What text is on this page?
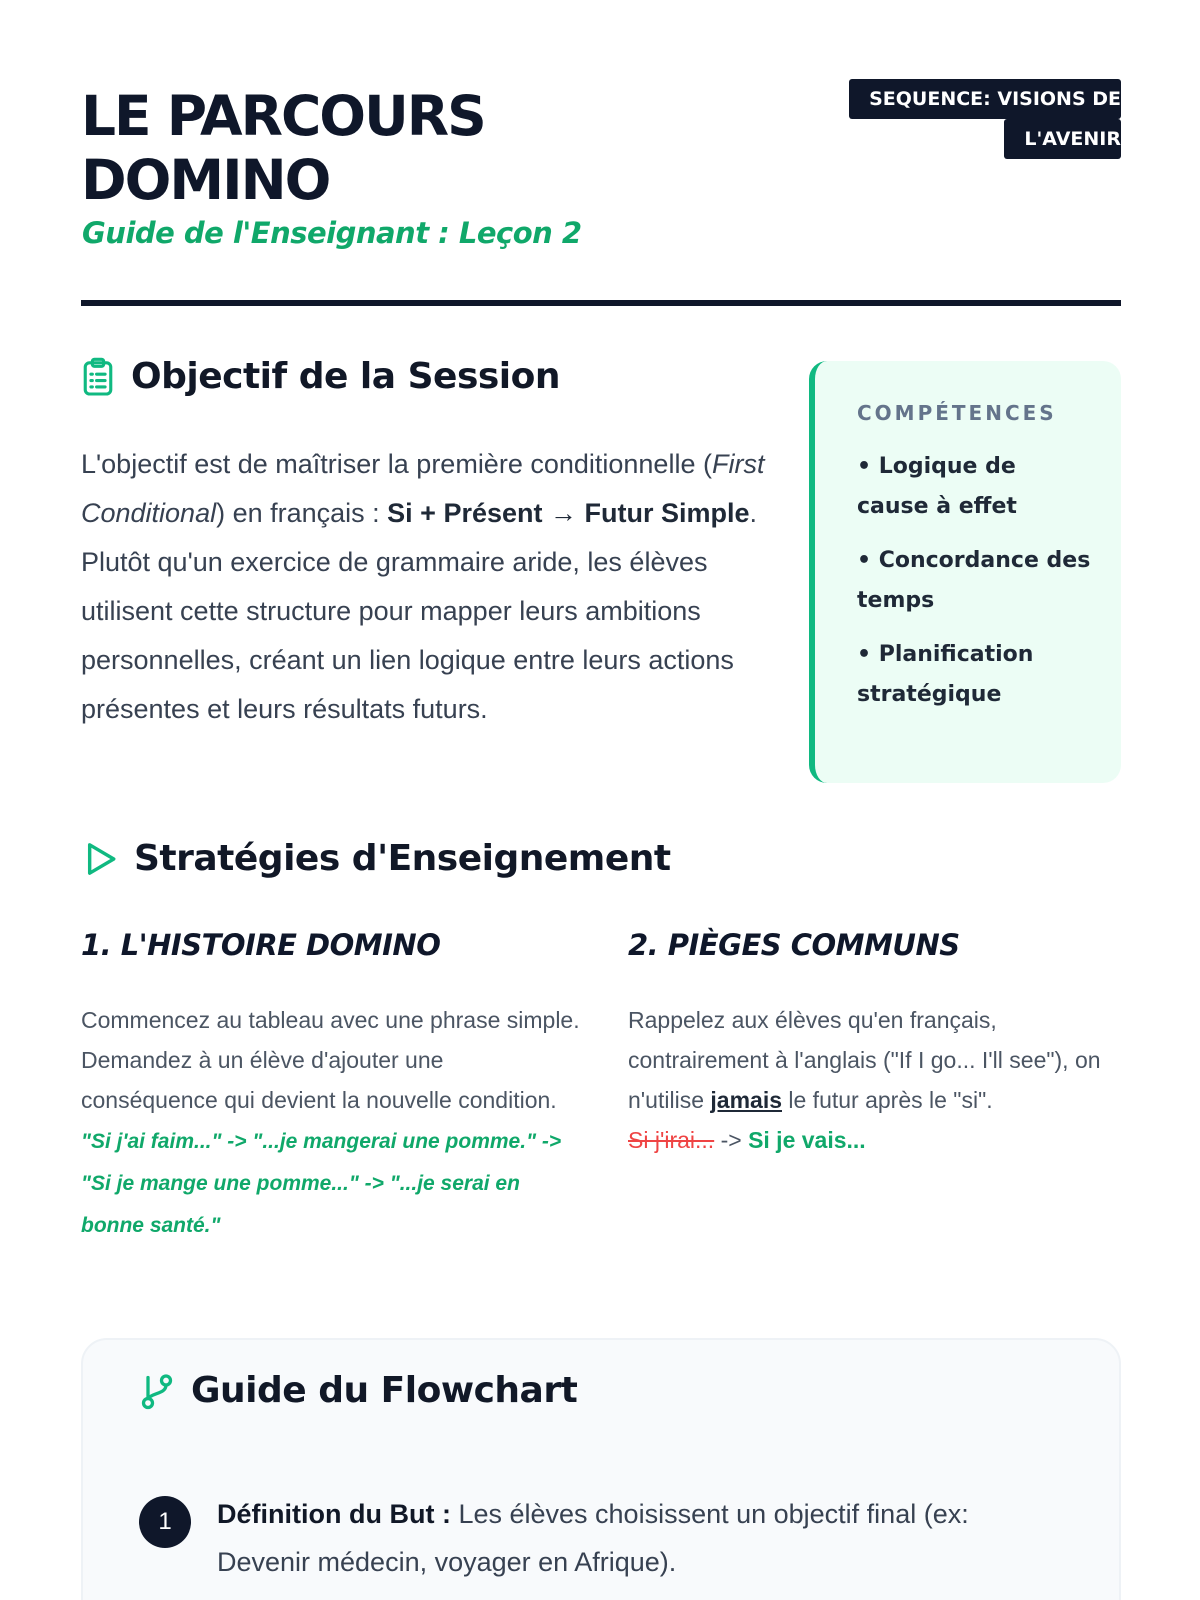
LE PARCOURS DOMINO
Guide de l'Enseignant : Leçon 2
SEQUENCE: VISIONS DE L'AVENIR
Objectif de la Session

L'objectif est de maîtriser la première conditionnelle (First Conditional) en français : Si + Présent → Futur Simple. Plutôt qu'un exercice de grammaire aride, les élèves utilisent cette structure pour mapper leurs ambitions personnelles, créant un lien logique entre leurs actions présentes et leurs résultats futurs.

COMPÉTENCES
• Logique de cause à effet
• Concordance des temps
• Planification stratégique
Stratégies d'Enseignement
1. L'HISTOIRE DOMINO

Commencez au tableau avec une phrase simple. Demandez à un élève d'ajouter une conséquence qui devient la nouvelle condition.
"Si j'ai faim..." -> "...je mangerai une pomme." -> "Si je mange une pomme..." -> "...je serai en bonne santé."

2. PIÈGES COMMUNS

Rappelez aux élèves qu'en français, contrairement à l'anglais ("If I go... I'll see"), on n'utilise jamais le futur après le "si".
Si j'irai... -> Si je vais...

Guide du Flowchart
1	Définition du But : Les élèves choisissent un objectif final (ex: Devenir médecin, voyager en Afrique).
